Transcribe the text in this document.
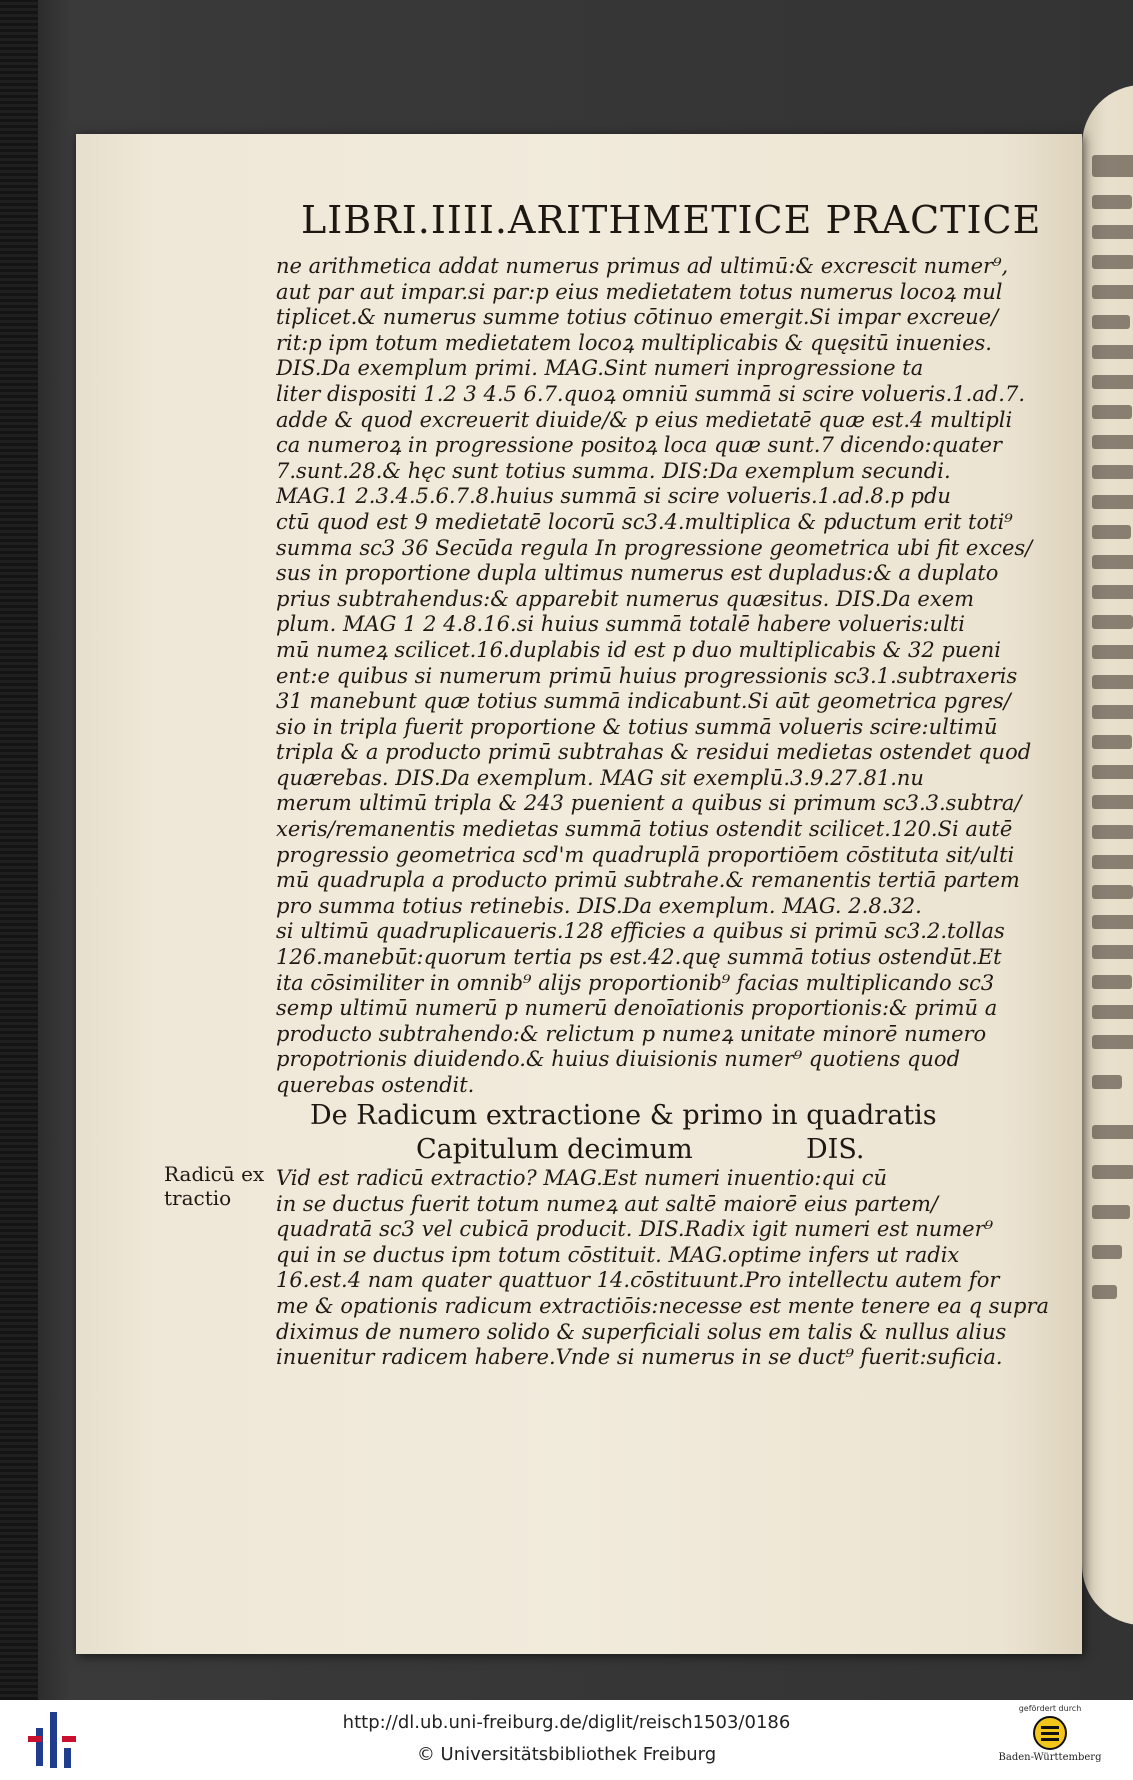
LIBRI.IIII.ARITHMETICE PRACTICE
ne arithmetica addat numerus primus ad ultimū:& excrescit numer⁹,
aut par aut impar.si par:p eius medietatem totus numerus locoꝝ mul
tiplicet.& numerus summe totius cōtinuo emergit.Si impar excreue/
rit:p ipm totum medietatem locoꝝ multiplicabis & quęsitū inuenies.
DIS.Da exemplum primi. MAG.Sint numeri inprogressione ta
liter dispositi 1.2 3 4.5 6.7.quoꝝ omniū summā si scire volueris.1.ad.7.
adde & quod excreuerit diuide/& p eius medietatē quæ est.4 multipli
ca numeroꝝ in progressione positoꝝ loca quæ sunt.7 dicendo:quater
7.sunt.28.& hęc sunt totius summa. DIS:Da exemplum secundi.
MAG.1 2.3.4.5.6.7.8.huius summā si scire volueris.1.ad.8.p pdu
ctū quod est 9 medietatē locorū sc3.4.multiplica & pductum erit toti⁹
summa sc3 36 Secūda regula In progressione geometrica ubi fit exces/
sus in proportione dupla ultimus numerus est dupladus:& a duplato
prius subtrahendus:& apparebit numerus quæsitus. DIS.Da exem
plum. MAG 1 2 4.8.16.si huius summā totalē habere volueris:ulti
mū numeꝝ scilicet.16.duplabis id est p duo multiplicabis & 32 pueni
ent:e quibus si numerum primū huius progressionis sc3.1.subtraxeris
31 manebunt quæ totius summā indicabunt.Si aūt geometrica pgres/
sio in tripla fuerit proportione & totius summā volueris scire:ultimū
tripla & a producto primū subtrahas & residui medietas ostendet quod
quærebas. DIS.Da exemplum. MAG sit exemplū.3.9.27.81.nu
merum ultimū tripla & 243 puenient a quibus si primum sc3.3.subtra/
xeris/remanentis medietas summā totius ostendit scilicet.120.Si autē
progressio geometrica scd'm quadruplā proportiōem cōstituta sit/ulti
mū quadrupla a producto primū subtrahe.& remanentis tertiā partem
pro summa totius retinebis. DIS.Da exemplum. MAG. 2.8.32.
si ultimū quadruplicaueris.128 efficies a quibus si primū sc3.2.tollas
126.manebūt:quorum tertia ps est.42.quę summā totius ostendūt.Et
ita cōsimiliter in omnib⁹ alijs proportionib⁹ facias multiplicando sc3
semp ultimū numerū p numerū denoīationis proportionis:& primū a
producto subtrahendo:& relictum p numeꝝ unitate minorē numero
propotrionis diuidendo.& huius diuisionis numer⁹ quotiens quod
querebas ostendit.
De Radicum extractione & primo in quadratis
Capitulum decimum	DIS.
Radicū ex tractio
Vid est radicū extractio? MAG.Est numeri inuentio:qui cū
in se ductus fuerit totum numeꝝ aut saltē maiorē eius partem/
quadratā sc3 vel cubicā producit. DIS.Radix igit numeri est numer⁹
qui in se ductus ipm totum cōstituit. MAG.optime infers ut radix
16.est.4 nam quater quattuor 14.cōstituunt.Pro intellectu autem for
me & opationis radicum extractiōis:necesse est mente tenere eа q supra
diximus de numero solido & superficiali solus em talis & nullus alius
inuenitur radicem habere.Vnde si numerus in se duct⁹ fuerit:suficia.
http://dl.ub.uni-freiburg.de/diglit/reisch1503/0186
© Universitätsbibliothek Freiburg
gefördert durch
Baden-Württemberg
